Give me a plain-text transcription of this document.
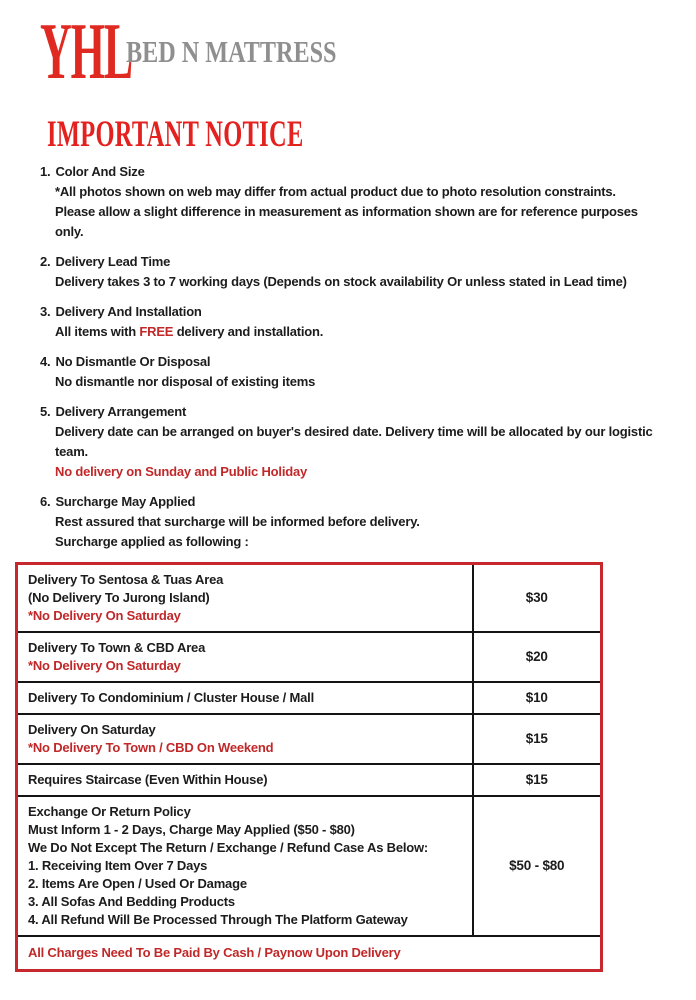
YHL
BED N MATTRESS
IMPORTANT NOTICE
1. Color And Size
*All photos shown on web may differ from actual product due to photo resolution constraints.
Please allow a slight difference in measurement as information shown are for reference purposes
only.
2. Delivery Lead Time
Delivery takes 3 to 7 working days (Depends on stock availability Or unless stated in Lead time)
3. Delivery And Installation
All items with FREE delivery and installation.
4. No Dismantle Or Disposal
No dismantle nor disposal of existing items
5. Delivery Arrangement
Delivery date can be arranged on buyer's desired date. Delivery time will be allocated by our logistic
team.
No delivery on Sunday and Public Holiday
6. Surcharge May Applied
Rest assured that surcharge will be informed before delivery.
Surcharge applied as following :
Delivery To Sentosa & Tuas Area
(No Delivery To Jurong Island)
*No Delivery On Saturday	$30

Delivery To Town & CBD Area
*No Delivery On Saturday	$20

Delivery To Condominium / Cluster House / Mall	$10

Delivery On Saturday
*No Delivery To Town / CBD On Weekend	$15

Requires Staircase (Even Within House)	$15

Exchange Or Return Policy
Must Inform 1 - 2 Days, Charge May Applied ($50 - $80)
We Do Not Except The Return / Exchange / Refund Case As Below:
1. Receiving Item Over 7 Days
2. Items Are Open / Used Or Damage
3. All Sofas And Bedding Products
4. All Refund Will Be Processed Through The Platform Gateway
	$50 - $80
All Charges Need To Be Paid By Cash / Paynow Upon Delivery	
